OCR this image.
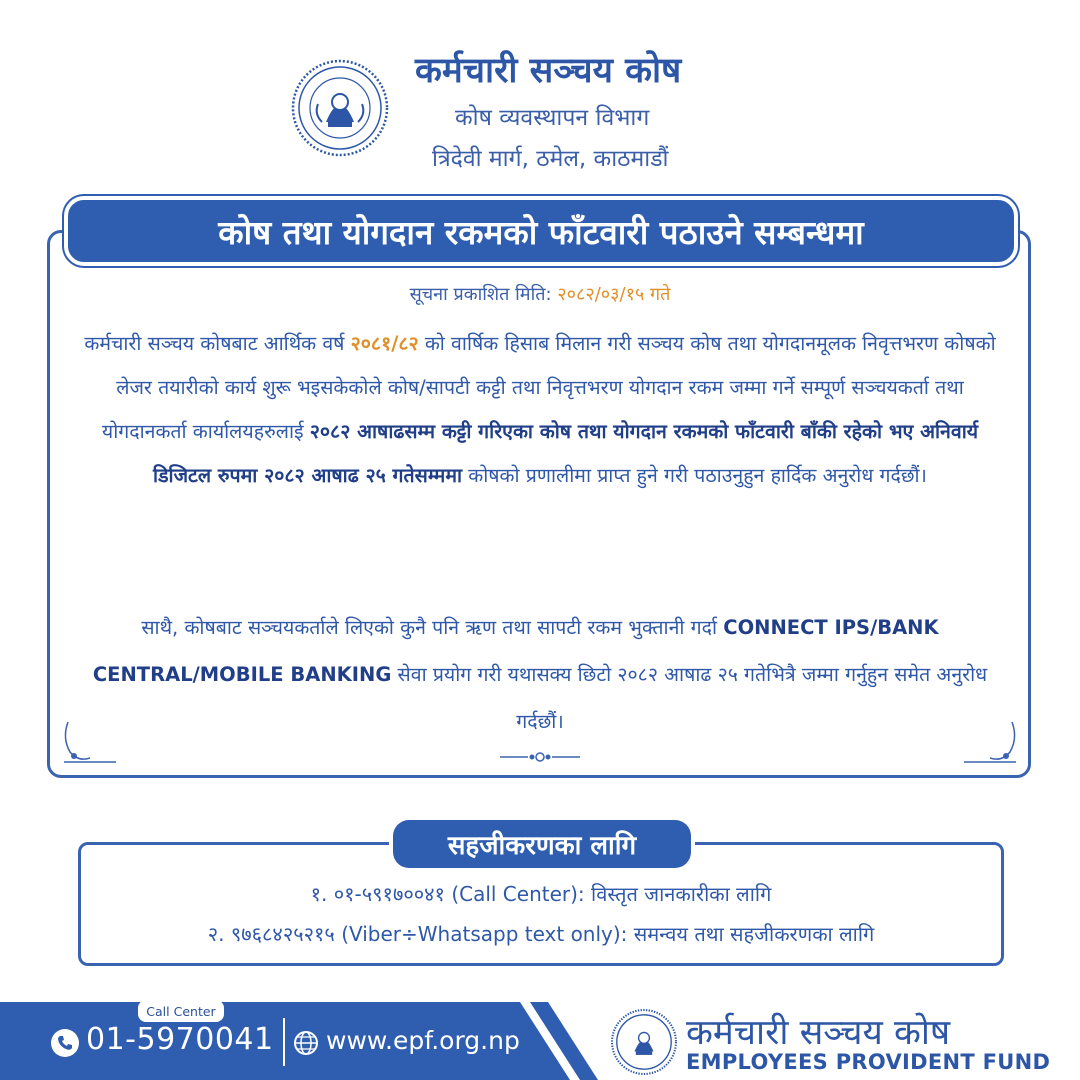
कर्मचारी सञ्चय कोष
कोष व्यवस्थापन विभाग
त्रिदेवी मार्ग, ठमेल, काठमाडौं
कोष तथा योगदान रकमको फाँटवारी पठाउने सम्बन्धमा
सूचना प्रकाशित मिति: २०८२/०३/१५ गते
कर्मचारी सञ्चय कोषबाट आर्थिक वर्ष २०८१/८२ को वार्षिक हिसाब मिलान गरी सञ्चय कोष तथा योगदानमूलक निवृत्तभरण कोषको लेजर तयारीको कार्य शुरू भइसकेकोले कोष/सापटी कट्टी तथा निवृत्तभरण योगदान रकम जम्मा गर्ने सम्पूर्ण सञ्चयकर्ता तथा योगदानकर्ता कार्यालयहरुलाई २०८२ आषाढसम्म कट्टी गरिएका कोष तथा योगदान रकमको फाँटवारी बाँकी रहेको भए अनिवार्य डिजिटल रुपमा २०८२ आषाढ २५ गतेसम्ममा कोषको प्रणालीमा प्राप्त हुने गरी पठाउनुहुन हार्दिक अनुरोध गर्दछौं।
साथै, कोषबाट सञ्चयकर्ताले लिएको कुनै पनि ऋण तथा सापटी रकम भुक्तानी गर्दा CONNECT IPS/BANK CENTRAL/MOBILE BANKING सेवा प्रयोग गरी यथासक्य छिटो २०८२ आषाढ २५ गतेभित्रै जम्मा गर्नुहुन समेत अनुरोध गर्दछौं।
सहजीकरणका लागि
१. ०१-५९१७००४१ (Call Center): विस्तृत जानकारीका लागि
२. ९७६८४२५२१५ (Viber÷Whatsapp text only): समन्वय तथा सहजीकरणका लागि
Call Center
01-5970041 www.epf.org.np	कर्मचारी सञ्चय कोष
EMPLOYEES PROVIDENT FUND
